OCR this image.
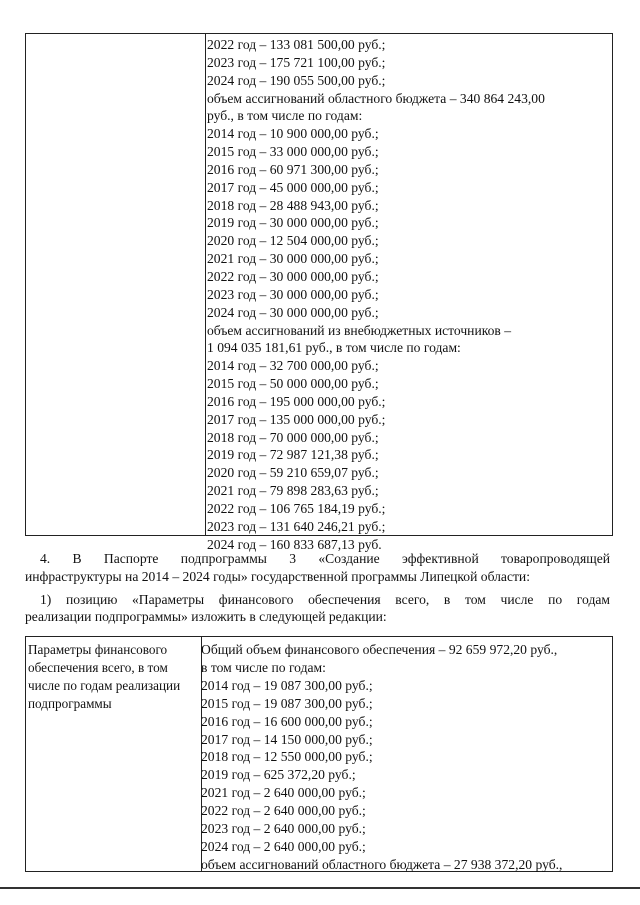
2022 год – 133 081 500,00 руб.;
2023 год – 175 721 100,00 руб.;
2024 год – 190 055 500,00 руб.;
объем ассигнований областного бюджета – 340 864 243,00
руб., в том числе по годам:
2014 год – 10 900 000,00 руб.;
2015 год – 33 000 000,00 руб.;
2016 год – 60 971 300,00 руб.;
2017 год – 45 000 000,00 руб.;
2018 год – 28 488 943,00 руб.;
2019 год – 30 000 000,00 руб.;
2020 год – 12 504 000,00 руб.;
2021 год – 30 000 000,00 руб.;
2022 год – 30 000 000,00 руб.;
2023 год – 30 000 000,00 руб.;
2024 год – 30 000 000,00 руб.;
объем ассигнований из внебюджетных источников –
1 094 035 181,61 руб., в том числе по годам:
2014 год – 32 700 000,00 руб.;
2015 год – 50 000 000,00 руб.;
2016 год – 195 000 000,00 руб.;
2017 год – 135 000 000,00 руб.;
2018 год – 70 000 000,00 руб.;
2019 год – 72 987 121,38 руб.;
2020 год – 59 210 659,07 руб.;
2021 год – 79 898 283,63 руб.;
2022 год – 106 765 184,19 руб.;
2023 год – 131 640 246,21 руб.;
2024 год – 160 833 687,13 руб.
4. В Паспорте подпрограммы 3 «Создание эффективной товаропроводящей
инфраструктуры на 2014 – 2024 годы» государственной программы Липецкой области:
1) позицию «Параметры финансового обеспечения всего, в том числе по годам
реализации подпрограммы» изложить в следующей редакции:
Параметры финансового
обеспечения всего, в том
числе по годам реализации
подпрограммы
Общий объем финансового обеспечения – 92 659 972,20 руб.,
в том числе по годам:
2014 год – 19 087 300,00 руб.;
2015 год – 19 087 300,00 руб.;
2016 год – 16 600 000,00 руб.;
2017 год – 14 150 000,00 руб.;
2018 год – 12 550 000,00 руб.;
2019 год – 625 372,20 руб.;
2021 год – 2 640 000,00 руб.;
2022 год – 2 640 000,00 руб.;
2023 год – 2 640 000,00 руб.;
2024 год – 2 640 000,00 руб.;
объем ассигнований областного бюджета – 27 938 372,20 руб.,
